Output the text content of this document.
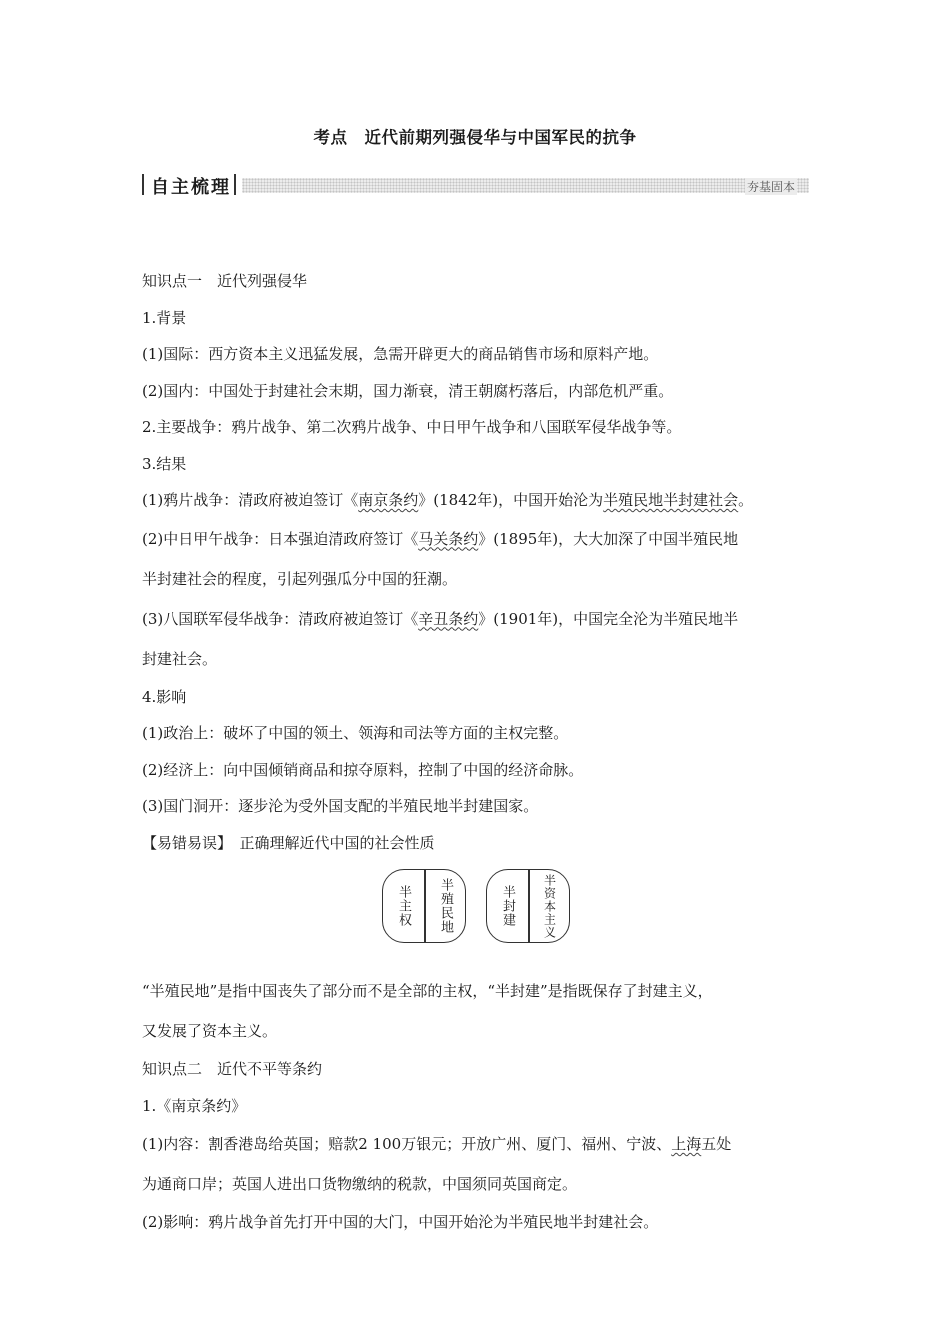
考点　近代前期列强侵华与中国军民的抗争
自主梳理	夯基固本
知识点一　近代列强侵华
1.背景
(1)国际：西方资本主义迅猛发展，急需开辟更大的商品销售市场和原料产地。
(2)国内：中国处于封建社会末期，国力渐衰，清王朝腐朽落后，内部危机严重。
2.主要战争：鸦片战争、第二次鸦片战争、中日甲午战争和八国联军侵华战争等。
3.结果
(1)鸦片战争：清政府被迫签订《南京条约》(1842年)，中国开始沦为半殖民地半封建社会。
(2)中日甲午战争：日本强迫清政府签订《马关条约》(1895年)，大大加深了中国半殖民地
半封建社会的程度，引起列强瓜分中国的狂潮。
(3)八国联军侵华战争：清政府被迫签订《辛丑条约》(1901年)，中国完全沦为半殖民地半
封建社会。
4.影响
(1)政治上：破坏了中国的领土、领海和司法等方面的主权完整。
(2)经济上：向中国倾销商品和掠夺原料，控制了中国的经济命脉。
(3)国门洞开：逐步沦为受外国支配的半殖民地半封建国家。
【易错易误】　正确理解近代中国的社会性质
半主权	半殖民地	半封建	半资本主义
“半殖民地”是指中国丧失了部分而不是全部的主权，“半封建”是指既保存了封建主义，
又发展了资本主义。
知识点二　近代不平等条约
1.《南京条约》
(1)内容：割香港岛给英国；赔款2 100万银元；开放广州、厦门、福州、宁波、上海五处
为通商口岸；英国人进出口货物缴纳的税款，中国须同英国商定。
(2)影响：鸦片战争首先打开中国的大门，中国开始沦为半殖民地半封建社会。
